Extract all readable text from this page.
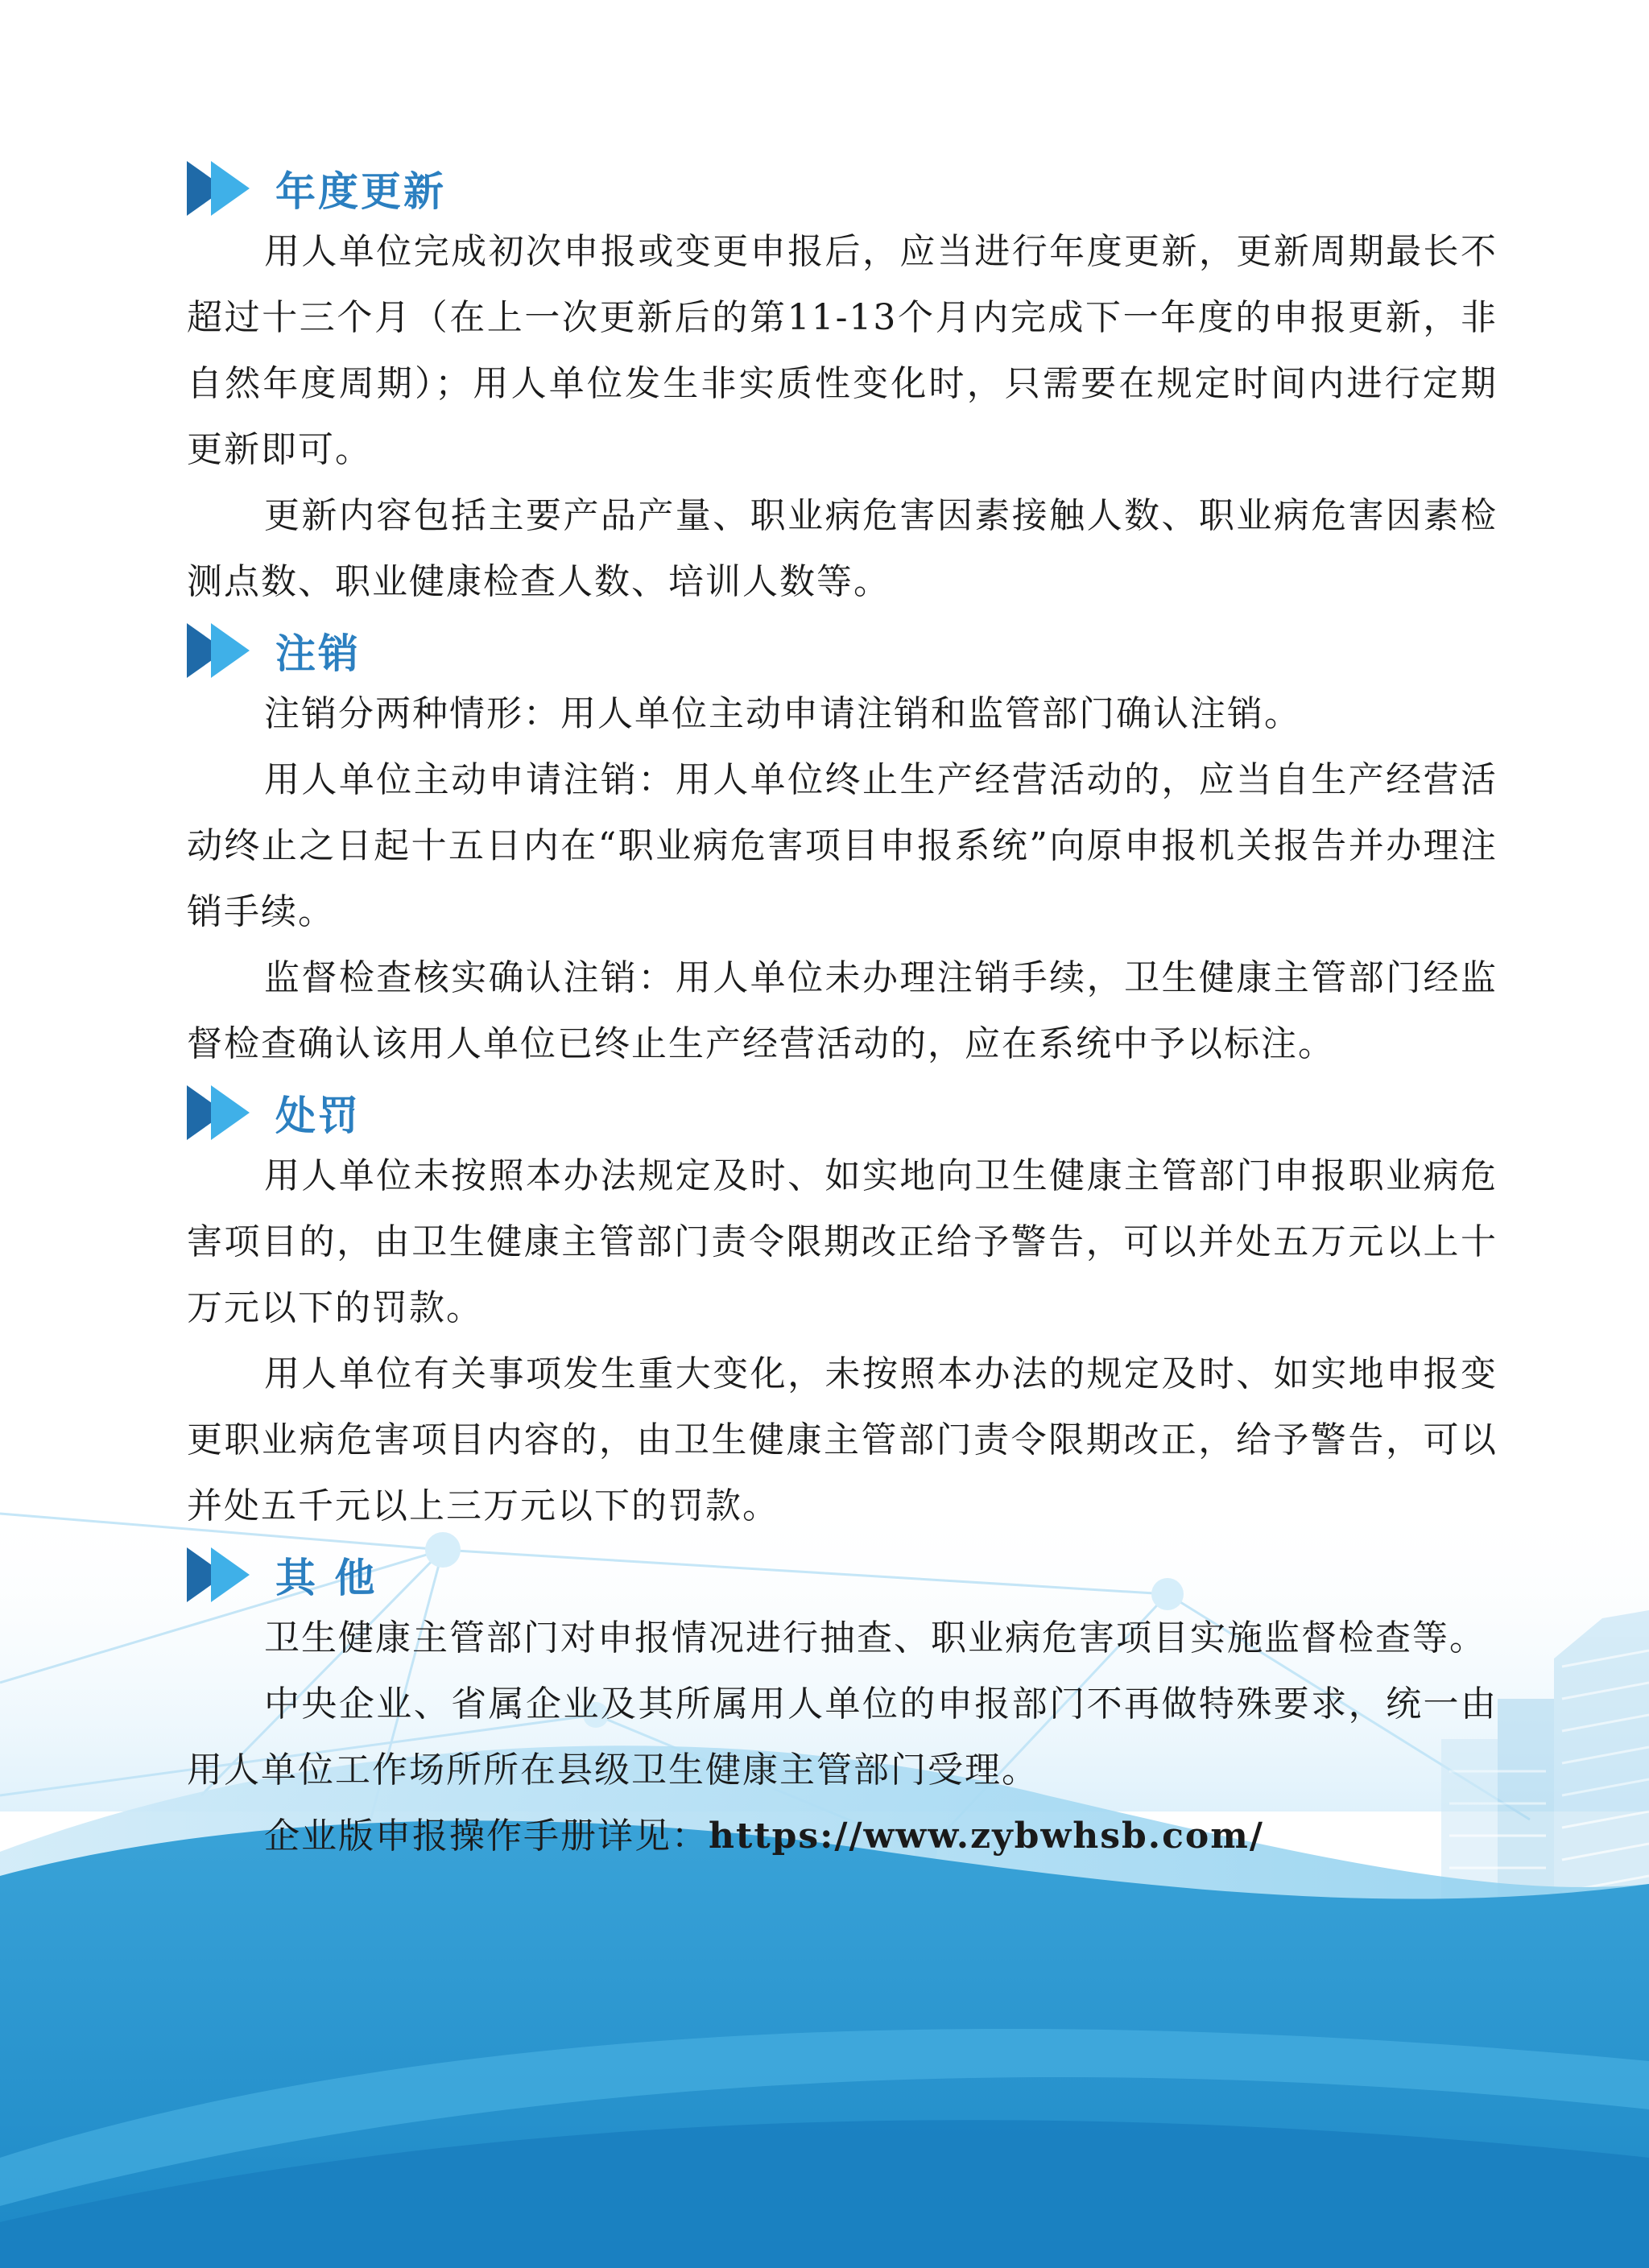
年度更新

用人单位完成初次申报或变更申报后，应当进行年度更新，更新周期最长不超过十三个月（在上一次更新后的第11-13个月内完成下一年度的申报更新，非自然年度周期）；用人单位发生非实质性变化时，只需要在规定时间内进行定期更新即可。

更新内容包括主要产品产量、职业病危害因素接触人数、职业病危害因素检测点数、职业健康检查人数、培训人数等。

注销

注销分两种情形：用人单位主动申请注销和监管部门确认注销。

用人单位主动申请注销：用人单位终止生产经营活动的，应当自生产经营活动终止之日起十五日内在“职业病危害项目申报系统”向原申报机关报告并办理注销手续。

监督检查核实确认注销：用人单位未办理注销手续，卫生健康主管部门经监督检查确认该用人单位已终止生产经营活动的，应在系统中予以标注。

处罚

用人单位未按照本办法规定及时、如实地向卫生健康主管部门申报职业病危害项目的，由卫生健康主管部门责令限期改正给予警告，可以并处五万元以上十万元以下的罚款。

用人单位有关事项发生重大变化，未按照本办法的规定及时、如实地申报变更职业病危害项目内容的，由卫生健康主管部门责令限期改正，给予警告，可以并处五千元以上三万元以下的罚款。

其 他

卫生健康主管部门对申报情况进行抽查、职业病危害项目实施监督检查等。

中央企业、省属企业及其所属用人单位的申报部门不再做特殊要求，统一由用人单位工作场所所在县级卫生健康主管部门受理。

企业版申报操作手册详见：https://www.zybwhsb.com/
